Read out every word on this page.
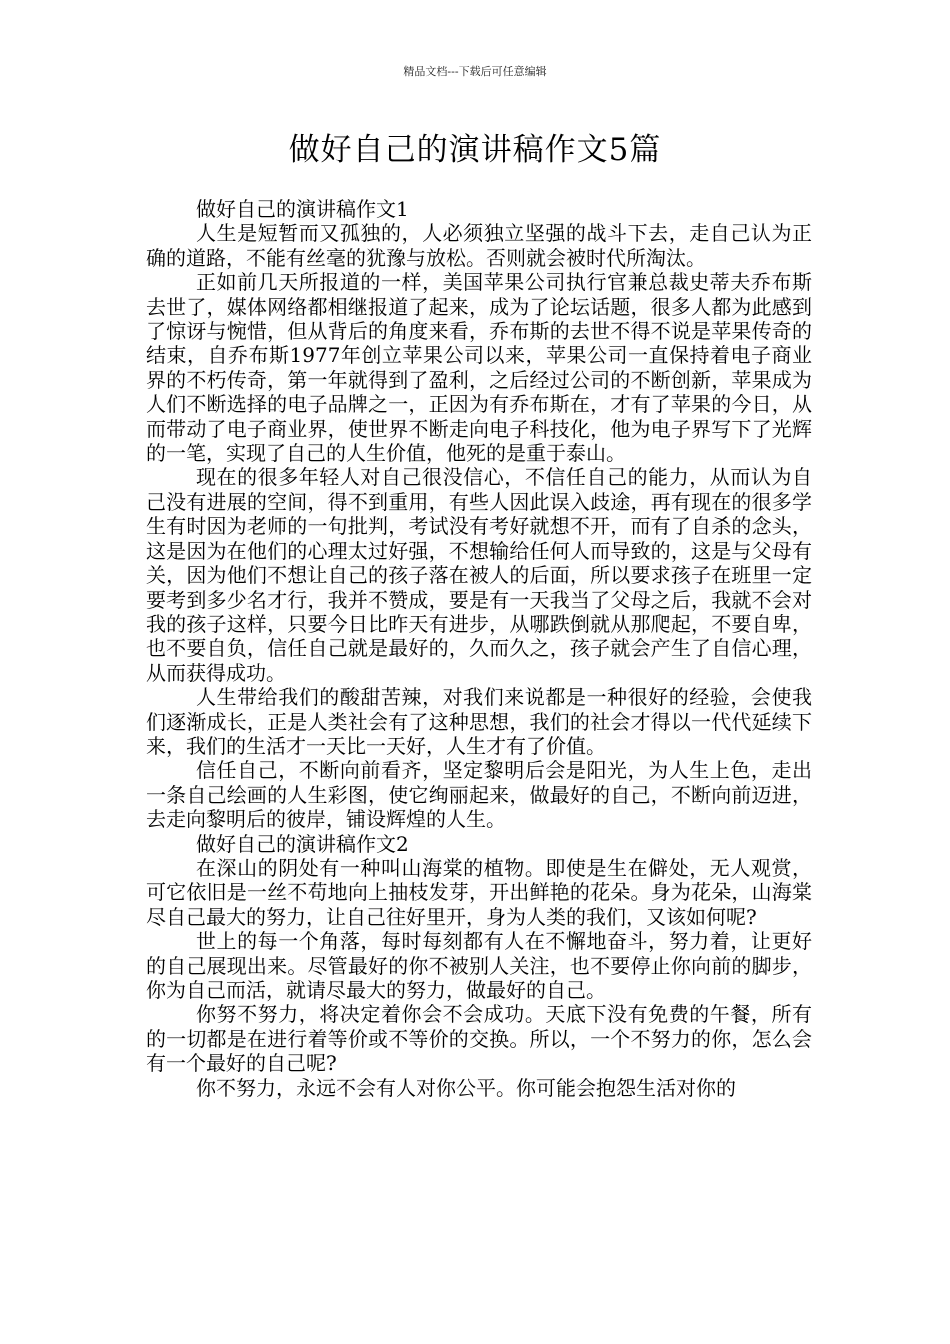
精品文档---下载后可任意编辑
做好自己的演讲稿作文5篇

做好自己的演讲稿作文1

人生是短暂而又孤独的，人必须独立坚强的战斗下去，走自己认为正确的道路，不能有丝毫的犹豫与放松。否则就会被时代所淘汰。

正如前几天所报道的一样，美国苹果公司执行官兼总裁史蒂夫乔布斯去世了，媒体网络都相继报道了起来，成为了论坛话题，很多人都为此感到了惊讶与惋惜，但从背后的角度来看，乔布斯的去世不得不说是苹果传奇的结束，自乔布斯1977年创立苹果公司以来，苹果公司一直保持着电子商业界的不朽传奇，第一年就得到了盈利，之后经过公司的不断创新，苹果成为人们不断选择的电子品牌之一，正因为有乔布斯在，才有了苹果的今日，从而带动了电子商业界，使世界不断走向电子科技化，他为电子界写下了光辉的一笔，实现了自己的人生价值，他死的是重于泰山。

现在的很多年轻人对自己很没信心，不信任自己的能力，从而认为自己没有进展的空间，得不到重用，有些人因此误入歧途，再有现在的很多学生有时因为老师的一句批判，考试没有考好就想不开，而有了自杀的念头，这是因为在他们的心理太过好强，不想输给任何人而导致的，这是与父母有关，因为他们不想让自己的孩子落在被人的后面，所以要求孩子在班里一定要考到多少名才行，我并不赞成，要是有一天我当了父母之后，我就不会对我的孩子这样，只要今日比昨天有进步，从哪跌倒就从那爬起，不要自卑，也不要自负，信任自己就是最好的，久而久之，孩子就会产生了自信心理，从而获得成功。

人生带给我们的酸甜苦辣，对我们来说都是一种很好的经验，会使我们逐渐成长，正是人类社会有了这种思想，我们的社会才得以一代代延续下来，我们的生活才一天比一天好，人生才有了价值。

信任自己，不断向前看齐，坚定黎明后会是阳光，为人生上色，走出一条自己绘画的人生彩图，使它绚丽起来，做最好的自己，不断向前迈进，去走向黎明后的彼岸，铺设辉煌的人生。

做好自己的演讲稿作文2

在深山的阴处有一种叫山海棠的植物。即使是生在僻处，无人观赏，可它依旧是一丝不苟地向上抽枝发芽，开出鲜艳的花朵。身为花朵，山海棠尽自己最大的努力，让自己往好里开，身为人类的我们，又该如何呢?

世上的每一个角落，每时每刻都有人在不懈地奋斗，努力着，让更好的自己展现出来。尽管最好的你不被别人关注，也不要停止你向前的脚步，你为自己而活，就请尽最大的努力，做最好的自己。

你努不努力，将决定着你会不会成功。天底下没有免费的午餐，所有的一切都是在进行着等价或不等价的交换。所以，一个不努力的你，怎么会有一个最好的自己呢?

你不努力，永远不会有人对你公平。你可能会抱怨生活对你的
